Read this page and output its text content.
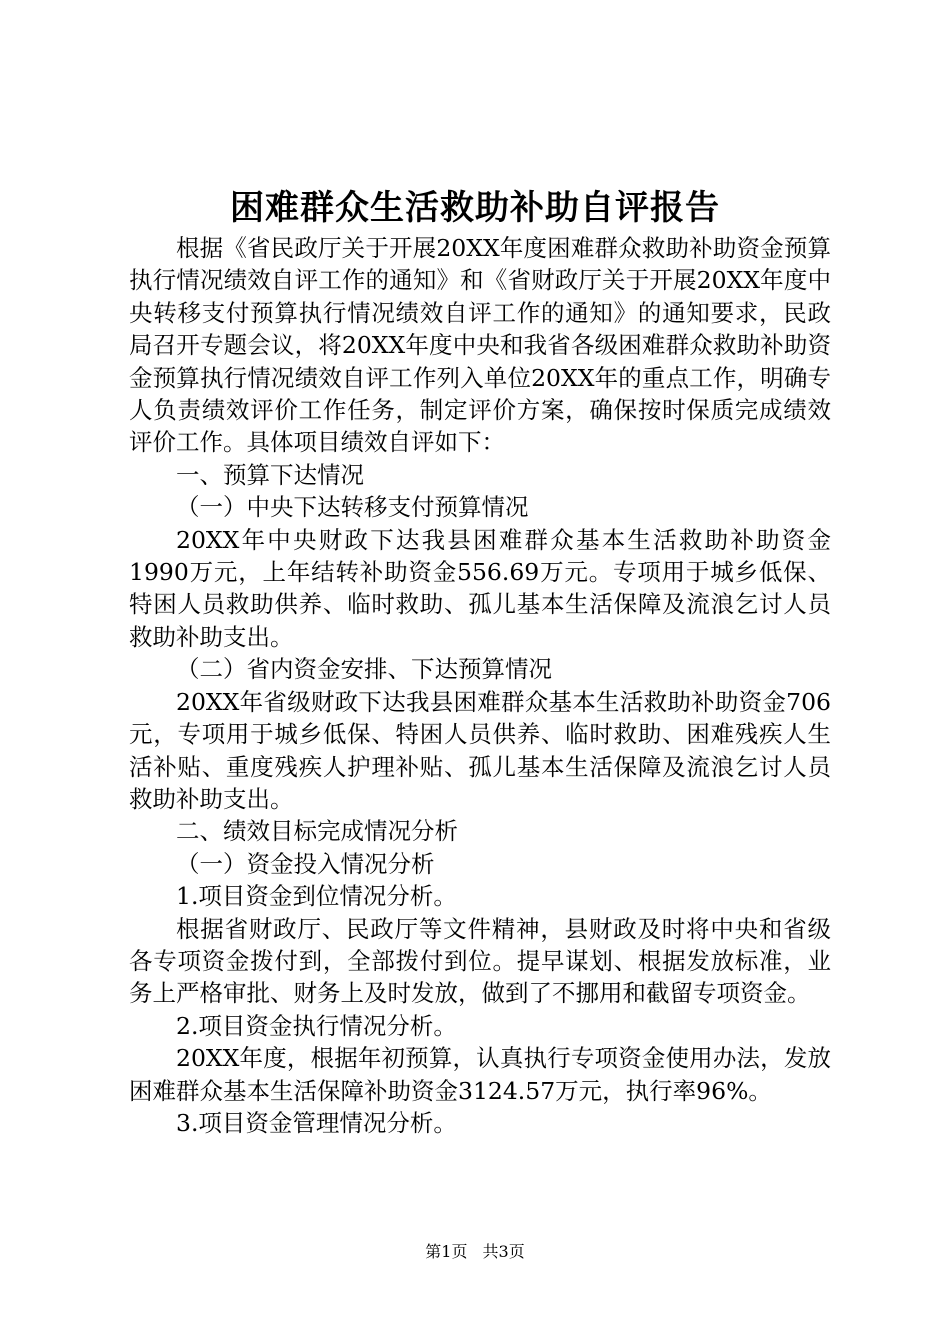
困难群众生活救助补助自评报告

根据《省民政厅关于开展20XX年度困难群众救助补助资金预算执行情况绩效自评工作的通知》和《省财政厅关于开展20XX年度中央转移支付预算执行情况绩效自评工作的通知》的通知要求，民政局召开专题会议，将20XX年度中央和我省各级困难群众救助补助资金预算执行情况绩效自评工作列入单位20XX年的重点工作，明确专人负责绩效评价工作任务，制定评价方案，确保按时保质完成绩效评价工作。具体项目绩效自评如下：

一、预算下达情况

（一）中央下达转移支付预算情况

20XX年中央财政下达我县困难群众基本生活救助补助资金1990万元，上年结转补助资金556.69万元。专项用于城乡低保、特困人员救助供养、临时救助、孤儿基本生活保障及流浪乞讨人员救助补助支出。

（二）省内资金安排、下达预算情况

20XX年省级财政下达我县困难群众基本生活救助补助资金706元，专项用于城乡低保、特困人员供养、临时救助、困难残疾人生活补贴、重度残疾人护理补贴、孤儿基本生活保障及流浪乞讨人员救助补助支出。

二、绩效目标完成情况分析

（一）资金投入情况分析

1.项目资金到位情况分析。

根据省财政厅、民政厅等文件精神，县财政及时将中央和省级各专项资金拨付到，全部拨付到位。提早谋划、根据发放标准，业务上严格审批、财务上及时发放，做到了不挪用和截留专项资金。

2.项目资金执行情况分析。

20XX年度，根据年初预算，认真执行专项资金使用办法，发放困难群众基本生活保障补助资金3124.57万元，执行率96%。

3.项目资金管理情况分析。

第1页 共3页
